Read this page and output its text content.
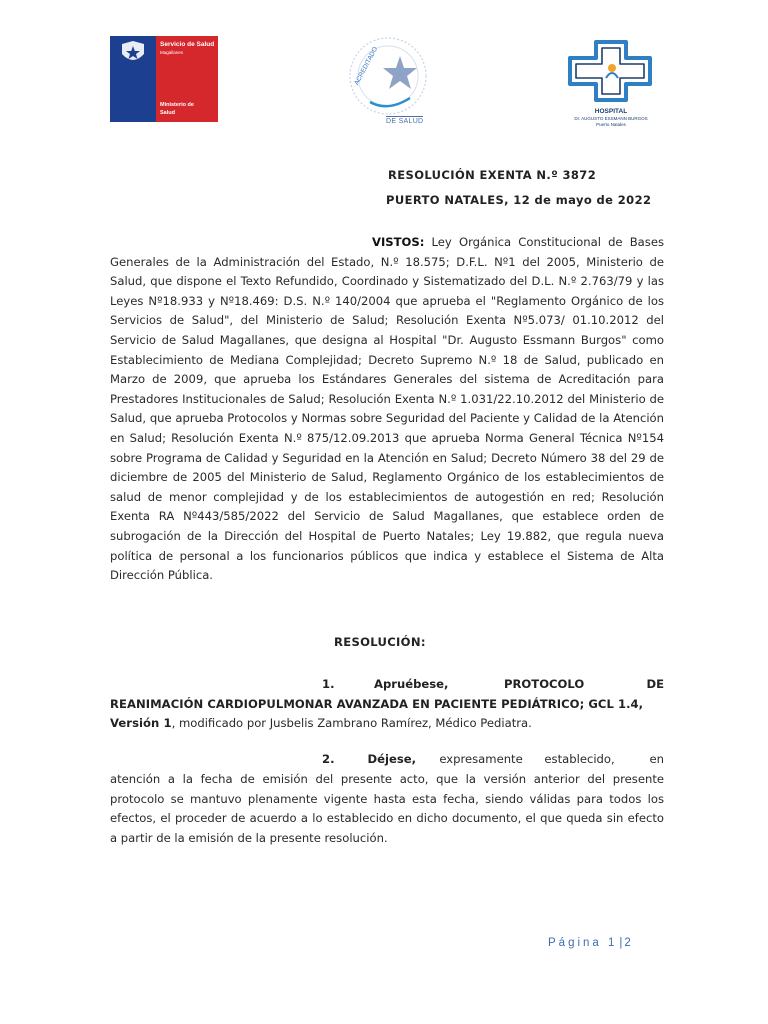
Servicio de Salud
Magallanes
Ministerio de
Salud
ACREDITADO
DE SALUD
HOSPITAL
Dr. AUGUSTO ESSMANN BURGOS
Puerto Natales
RESOLUCIÓN EXENTA N.º 3872
PUERTO NATALES, 12 de mayo de 2022
VISTOS: Ley Orgánica Constitucional de Bases Generales de la Administración del Estado, N.º 18.575; D.F.L. Nº1 del 2005, Ministerio de Salud, que dispone el Texto Refundido, Coordinado y Sistematizado del D.L. N.º 2.763/79 y las Leyes Nº18.933 y Nº18.469: D.S. N.º 140/2004 que aprueba el "Reglamento Orgánico de los Servicios de Salud", del Ministerio de Salud; Resolución Exenta Nº5.073/ 01.10.2012 del Servicio de Salud Magallanes, que designa al Hospital "Dr. Augusto Essmann Burgos" como Establecimiento de Mediana Complejidad; Decreto Supremo N.º 18 de Salud, publicado en Marzo de 2009, que aprueba los Estándares Generales del sistema de Acreditación para Prestadores Institucionales de Salud; Resolución Exenta N.º 1.031/22.10.2012 del Ministerio de Salud, que aprueba Protocolos y Normas sobre Seguridad del Paciente y Calidad de la Atención en Salud; Resolución Exenta N.º 875/12.09.2013 que aprueba Norma General Técnica Nº154 sobre Programa de Calidad y Seguridad en la Atención en Salud; Decreto Número 38 del 29 de diciembre de 2005 del Ministerio de Salud, Reglamento Orgánico de los establecimientos de salud de menor complejidad y de los establecimientos de autogestión en red; Resolución Exenta RA Nº443/585/2022 del Servicio de Salud Magallanes, que establece orden de subrogación de la Dirección del Hospital de Puerto Natales; Ley 19.882, que regula nueva política de personal a los funcionarios públicos que indica y establece el Sistema de Alta Dirección Pública.
RESOLUCIÓN:
1.	Apruébese,	PROTOCOLO	DE
REANIMACIÓN CARDIOPULMONAR AVANZADA EN PACIENTE PEDIÁTRICO; GCL 1.4, Versión 1, modificado por Jusbelis Zambrano Ramírez, Médico Pediatra.
2.	Déjese,	expresamente	establecido,	en
atención a la fecha de emisión del presente acto, que la versión anterior del presente protocolo se mantuvo plenamente vigente hasta esta fecha, siendo válidas para todos los efectos, el proceder de acuerdo a lo establecido en dicho documento, el que queda sin efecto a partir de la emisión de la presente resolución.
Página 1 | 2
